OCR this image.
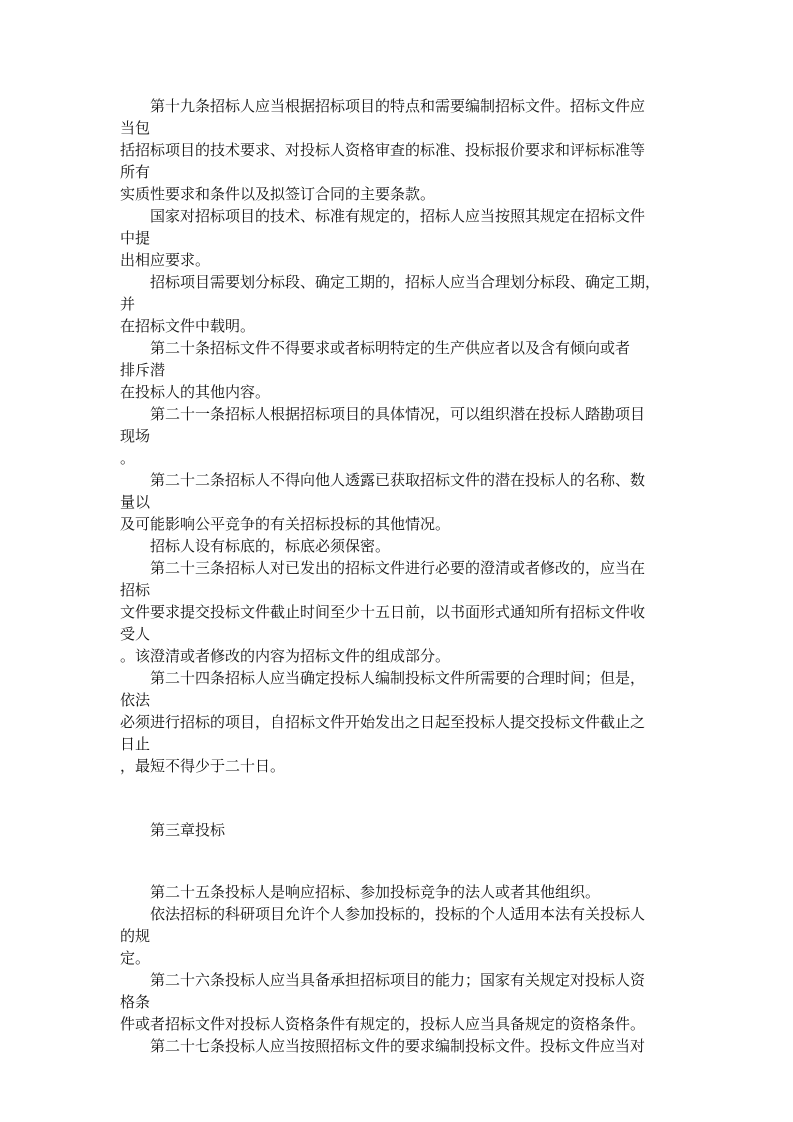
第十九条招标人应当根据招标项目的特点和需要编制招标文件。招标文件应
当包
括招标项目的技术要求、对投标人资格审查的标准、投标报价要求和评标标准等
所有
实质性要求和条件以及拟签订合同的主要条款。
国家对招标项目的技术、标准有规定的，招标人应当按照其规定在招标文件
中提
出相应要求。
招标项目需要划分标段、确定工期的，招标人应当合理划分标段、确定工期，
并
在招标文件中载明。
第二十条招标文件不得要求或者标明特定的生产供应者以及含有倾向或者
排斥潜
在投标人的其他内容。
第二十一条招标人根据招标项目的具体情况，可以组织潜在投标人踏勘项目
现场
。
第二十二条招标人不得向他人透露已获取招标文件的潜在投标人的名称、数
量以
及可能影响公平竞争的有关招标投标的其他情况。
招标人设有标底的，标底必须保密。
第二十三条招标人对已发出的招标文件进行必要的澄清或者修改的，应当在
招标
文件要求提交投标文件截止时间至少十五日前，以书面形式通知所有招标文件收
受人
。该澄清或者修改的内容为招标文件的组成部分。
第二十四条招标人应当确定投标人编制投标文件所需要的合理时间；但是，
依法
必须进行招标的项目，自招标文件开始发出之日起至投标人提交投标文件截止之
日止
，最短不得少于二十日。
第三章投标
第二十五条投标人是响应招标、参加投标竞争的法人或者其他组织。
依法招标的科研项目允许个人参加投标的，投标的个人适用本法有关投标人
的规
定。
第二十六条投标人应当具备承担招标项目的能力；国家有关规定对投标人资
格条
件或者招标文件对投标人资格条件有规定的，投标人应当具备规定的资格条件。
第二十七条投标人应当按照招标文件的要求编制投标文件。投标文件应当对
